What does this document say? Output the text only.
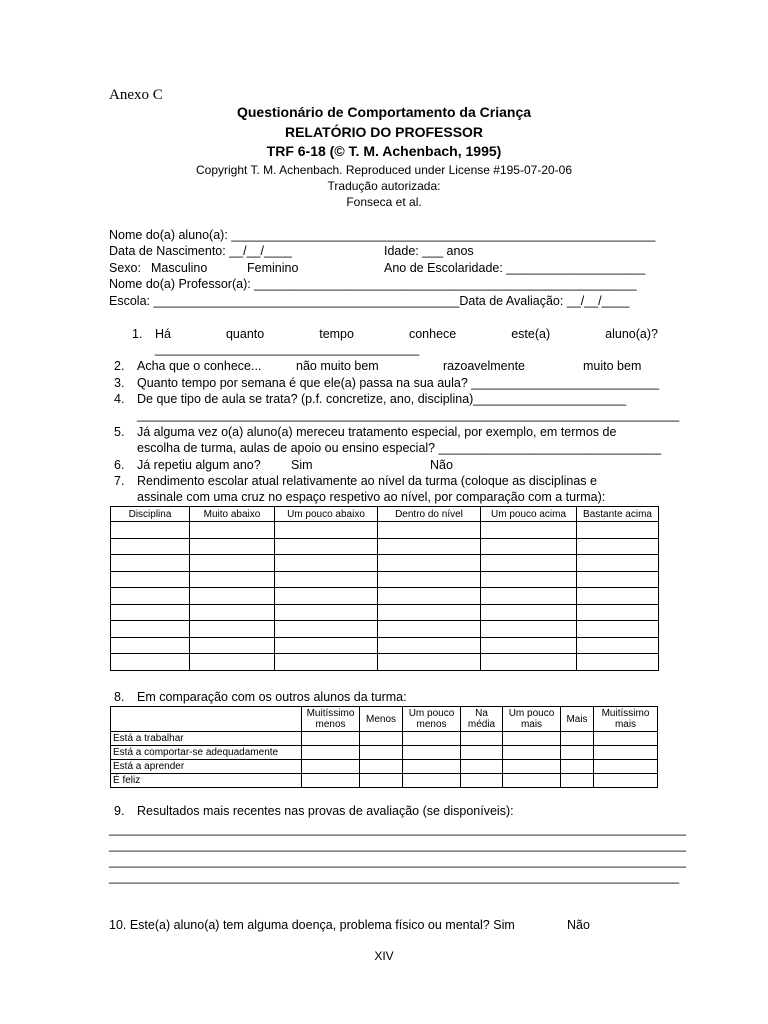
Anexo C
Questionário de Comportamento da Criança
RELATÓRIO DO PROFESSOR
TRF 6-18 (© T. M. Achenbach, 1995)
Copyright T. M. Achenbach. Reproduced under License #195-07-20-06
Tradução autorizada:
Fonseca et al.
Nome do(a) aluno(a): _____________________________________________________________
Data de Nascimento: __/__/____	Idade: ___ anos
Sexo: Masculino	Feminino	Ano de Escolaridade: ____________________
Nome do(a) Professor(a): _______________________________________________________
Escola: ____________________________________________Data de Avaliação: __/__/____
1. Há	quanto	tempo	conhece	este(a)	aluno(a)?
______________________________________
2. Acha que o conhece...	não muito bem	razoavelmente	muito bem
3. Quanto tempo por semana é que ele(a) passa na sua aula? ___________________________
4. De que tipo de aula se trata? (p.f. concretize, ano, disciplina)______________________
______________________________________________________________________________
5. Já alguma vez o(a) aluno(a) mereceu tratamento especial, por exemplo, em termos de
escolha de turma, aulas de apoio ou ensino especial? ________________________________
6. Já repetiu algum ano? Sim	Não
7. Rendimento escolar atual relativamente ao nível da turma (coloque as disciplinas e
assinale com uma cruz no espaço respetivo ao nível, por comparação com a turma):
Disciplina	Muito abaixo	Um pouco abaixo	Dentro do nível	Um pouco acima	Bastante acima

8. Em comparação com os outros alunos da turma:
	Muitíssimo menos	Menos	Um pouco menos	Na média	Um pouco mais	Mais	Muitíssimo mais
Está a trabalhar							
Está a comportar-se adequadamente							
Está a aprender							
É feliz							
9. Resultados mais recentes nas provas de avaliação (se disponíveis):
___________________________________________________________________________________
___________________________________________________________________________________
___________________________________________________________________________________
__________________________________________________________________________________
10. Este(a) aluno(a) tem alguma doença, problema físico ou mental? Sim	Não
XIV
